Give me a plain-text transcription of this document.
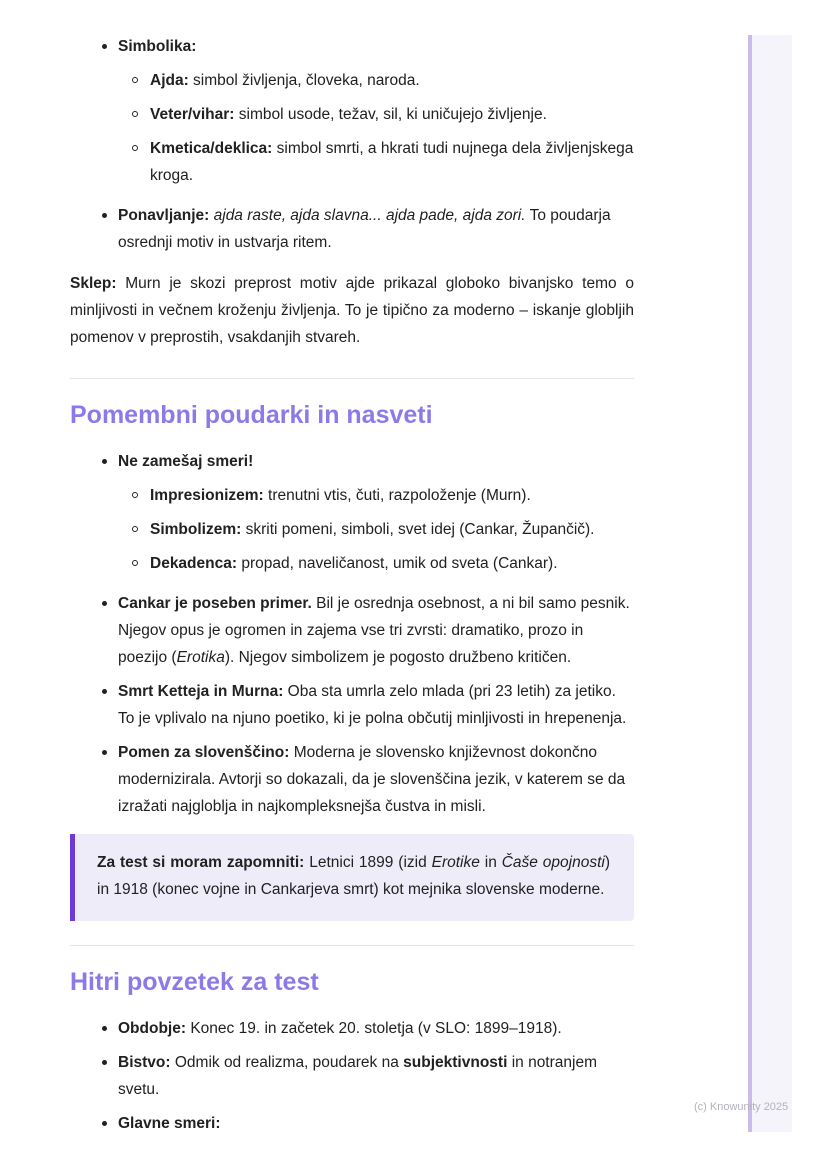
Simbolika:
Ajda: simbol življenja, človeka, naroda.
Veter/vihar: simbol usode, težav, sil, ki uničujejo življenje.
Kmetica/deklica: simbol smrti, a hkrati tudi nujnega dela življenjskega kroga.
Ponavljanje: ajda raste, ajda slavna... ajda pade, ajda zori. To poudarja osrednji motiv in ustvarja ritem.

Sklep: Murn je skozi preprost motiv ajde prikazal globoko bivanjsko temo o minljivosti in večnem kroženju življenja. To je tipično za moderno – iskanje globljih pomenov v preprostih, vsakdanjih stvareh.

Pomembni poudarki in nasveti
Ne zamešaj smeri!
Impresionizem: trenutni vtis, čuti, razpoloženje (Murn).
Simbolizem: skriti pomeni, simboli, svet idej (Cankar, Župančič).
Dekadenca: propad, naveličanost, umik od sveta (Cankar).
Cankar je poseben primer. Bil je osrednja osebnost, a ni bil samo pesnik. Njegov opus je ogromen in zajema vse tri zvrsti: dramatiko, prozo in poezijo (Erotika). Njegov simbolizem je pogosto družbeno kritičen.
Smrt Ketteja in Murna: Oba sta umrla zelo mlada (pri 23 letih) za jetiko. To je vplivalo na njuno poetiko, ki je polna občutij minljivosti in hrepenenja.
Pomen za slovenščino: Moderna je slovensko književnost dokončno modernizirala. Avtorji so dokazali, da je slovenščina jezik, v katerem se da izražati najgloblja in najkompleksnejša čustva in misli.
Za test si moram zapomniti: Letnici 1899 (izid Erotike in Čaše opojnosti) in 1918 (konec vojne in Cankarjeva smrt) kot mejnika slovenske moderne.
Hitri povzetek za test
Obdobje: Konec 19. in začetek 20. stoletja (v SLO: 1899–1918).
Bistvo: Odmik od realizma, poudarek na subjektivnosti in notranjem svetu.
Glavne smeri:
(c) Knowunity 2025
